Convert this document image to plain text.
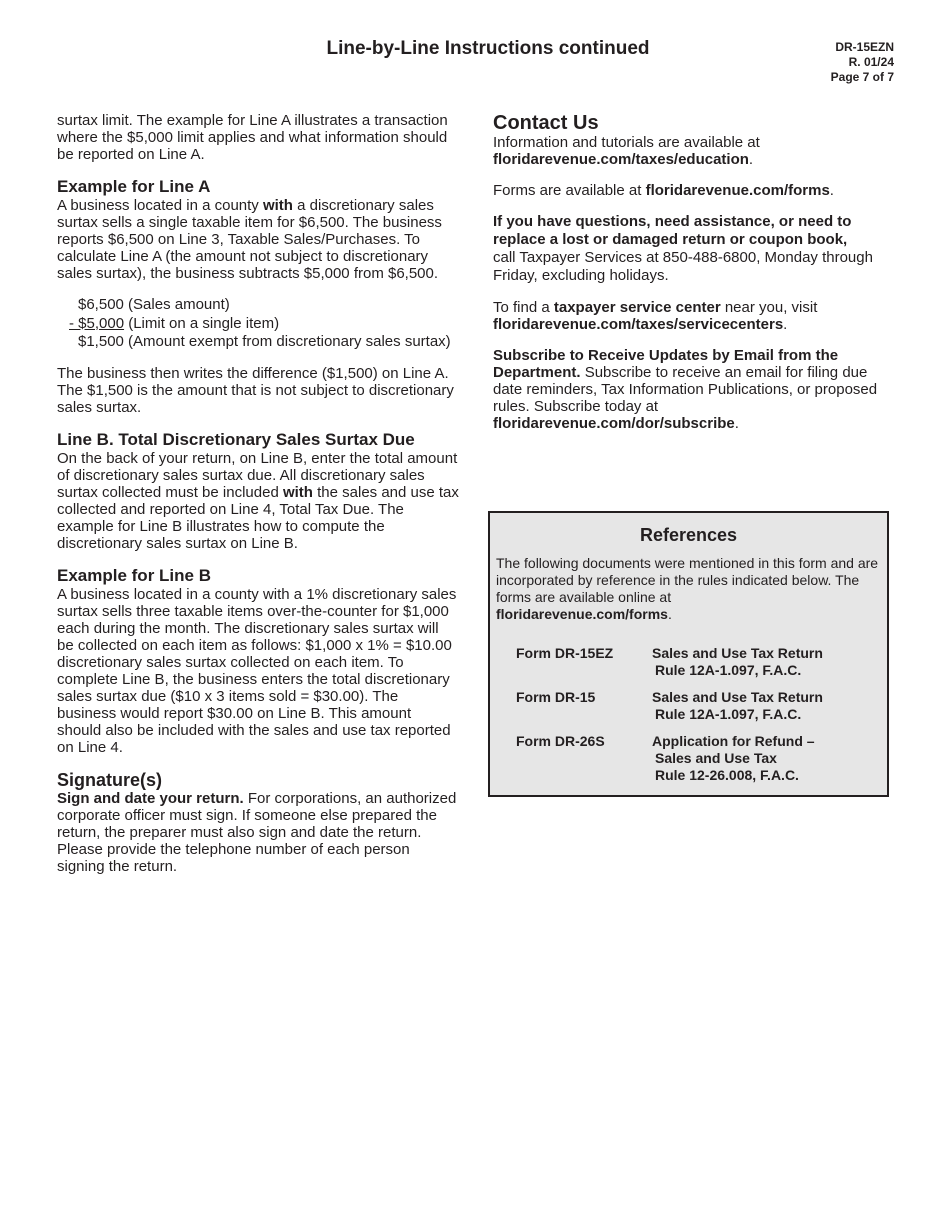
Line-by-Line Instructions continued	DR-15EZN
R. 01/24
Page 7 of 7

surtax limit. The example for Line A illustrates a transaction where the $5,000 limit applies and what information should be reported on Line A.

Example for Line A

A business located in a county with a discretionary sales surtax sells a single taxable item for $6,500. The business reports $6,500 on Line 3, Taxable Sales/Purchases. To calculate Line A (the amount not subject to discretionary sales surtax), the business subtracts $5,000 from $6,500.

$6,500 (Sales amount)
- $5,000 (Limit on a single item)
$1,500 (Amount exempt from discretionary sales surtax)

The business then writes the difference ($1,500) on Line A. The $1,500 is the amount that is not subject to discretionary sales surtax.

Line B. Total Discretionary Sales Surtax Due

On the back of your return, on Line B, enter the total amount of discretionary sales surtax due. All discretionary sales surtax collected must be included with the sales and use tax collected and reported on Line 4, Total Tax Due. The example for Line B illustrates how to compute the discretionary sales surtax on Line B.

Example for Line B

A business located in a county with a 1% discretionary sales surtax sells three taxable items over-the-counter for $1,000 each during the month. The discretionary sales surtax will be collected on each item as follows: $1,000 x 1% = $10.00 discretionary sales surtax collected on each item. To complete Line B, the business enters the total discretionary sales surtax due ($10 x 3 items sold = $30.00). The business would report $30.00 on Line B. This amount should also be included with the sales and use tax reported on Line 4.

Signature(s)

Sign and date your return. For corporations, an authorized corporate officer must sign. If someone else prepared the return, the preparer must also sign and date the return. Please provide the telephone number of each person signing the return.

Contact Us

Information and tutorials are available at
floridarevenue.com/taxes/education.

Forms are available at floridarevenue.com/forms.

If you have questions, need assistance, or need to replace a lost or damaged return or coupon book,
call Taxpayer Services at 850-488-6800, Monday through Friday, excluding holidays.

To find a taxpayer service center near you, visit
floridarevenue.com/taxes/servicecenters.

Subscribe to Receive Updates by Email from the Department. Subscribe to receive an email for filing due date reminders, Tax Information Publications, or proposed rules. Subscribe today at
floridarevenue.com/dor/subscribe.

References

The following documents were mentioned in this form and are incorporated by reference in the rules indicated below. The forms are available online at
floridarevenue.com/forms.

Form DR-15EZ	Sales and Use Tax Return
Rule 12A-1.097, F.A.C.
Form DR-15	Sales and Use Tax Return
Rule 12A-1.097, F.A.C.
Form DR-26S	Application for Refund –
Sales and Use Tax
Rule 12-26.008, F.A.C.
